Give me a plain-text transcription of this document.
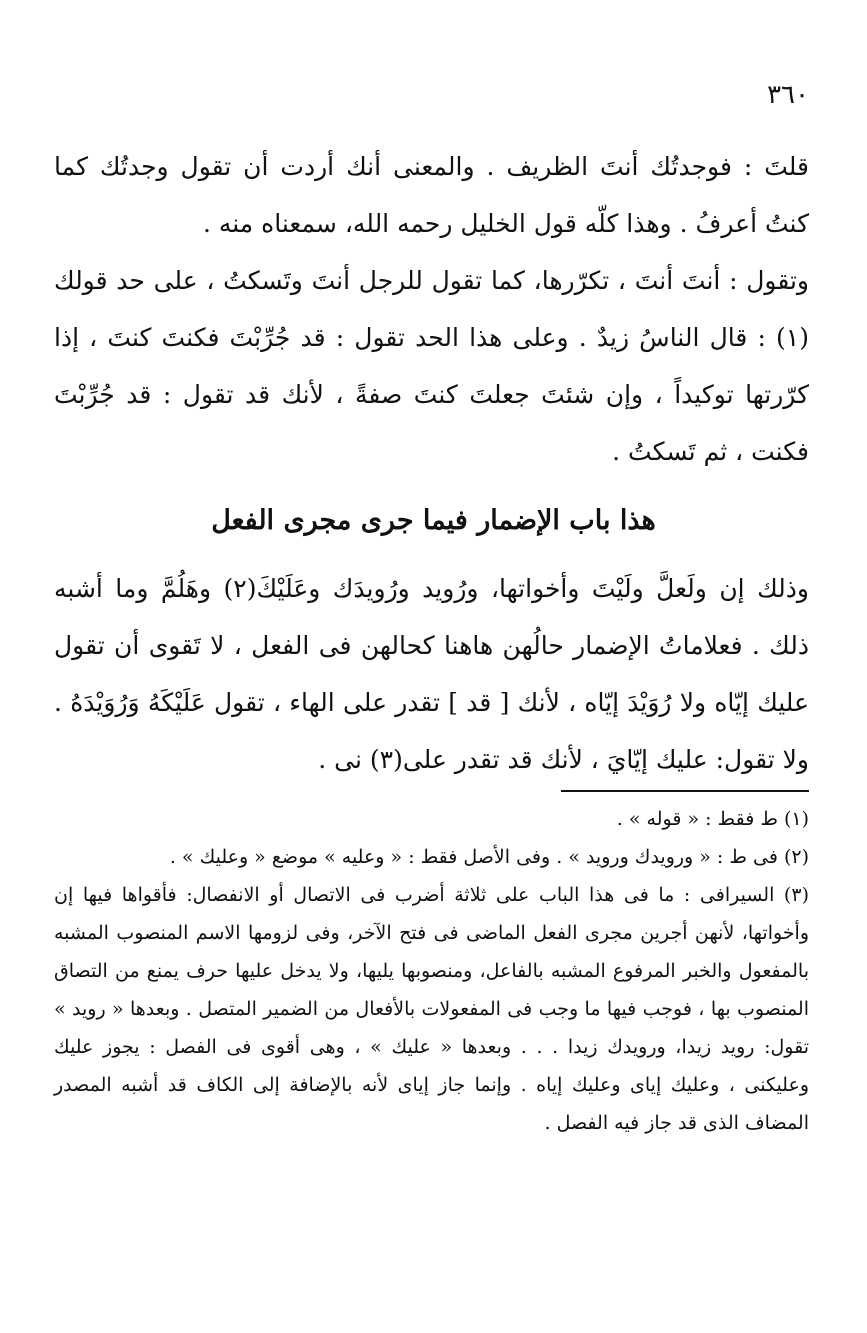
٣٦٠

قلتَ : فوجدتُك أنتَ الظريف . والمعنى أنك أردت أن تقول وجدتُك كما كنتُ أعرفُ . وهذا كلّه قول الخليل رحمه الله، سمعناه منه .

وتقول : أنتَ أنتَ ، تكرّرها، كما تقول للرجل أنتَ وتَسكتُ ، على حد قولك (١) : قال الناسُ زيدٌ . وعلى هذا الحد تقول : قد جُرِّبْتَ فكنتَ كنتَ ، إذا كرّرتها توكيداً ، وإن شئتَ جعلتَ كنتَ صفةً ، لأنك قد تقول : قد جُرِّبْتَ فكنت ، ثم تَسكتُ .

هذا باب الإضمار فيما جرى مجرى الفعل

وذلك إن ولَعلَّ ولَيْتَ وأخواتها، ورُويد ورُويدَك وعَلَيْكَ(٢) وهَلُمَّ وما أشبه ذلك . فعلاماتُ الإضمار حالُهن هاهنا كحالهن فى الفعل ، لا تَقوى أن تقول عليك إيّاه ولا رُوَيْدَ إيّاه ، لأنك [ قد ] تقدر على الهاء ، تقول عَلَيْكَهُ وَرُوَيْدَهُ . ولا تقول: عليك إيّايَ ، لأنك قد تقدر على(٣) نى .

(١) ط فقط : « قوله » .

(٢) فى ط : « ورويدك ورويد » . وفى الأصل فقط : « وعليه » موضع « وعليك » .

(٣) السيرافى : ما فى هذا الباب على ثلاثة أضرب فى الاتصال أو الانفصال: فأقواها فيها إن وأخواتها، لأنهن أجرين مجرى الفعل الماضى فى فتح الآخر، وفى لزومها الاسم المنصوب المشبه بالمفعول والخبر المرفوع المشبه بالفاعل، ومنصوبها يليها، ولا يدخل عليها حرف يمنع من التصاق المنصوب بها ، فوجب فيها ما وجب فى المفعولات بالأفعال من الضمير المتصل . وبعدها « رويد » تقول: رويد زيدا، ورويدك زيدا . . . وبعدها « عليك » ، وهى أقوى فى الفصل : يجوز عليك وعليكنى ، وعليك إياى وعليك إياه . وإنما جاز إياى لأنه بالإضافة إلى الكاف قد أشبه المصدر المضاف الذى قد جاز فيه الفصل .
